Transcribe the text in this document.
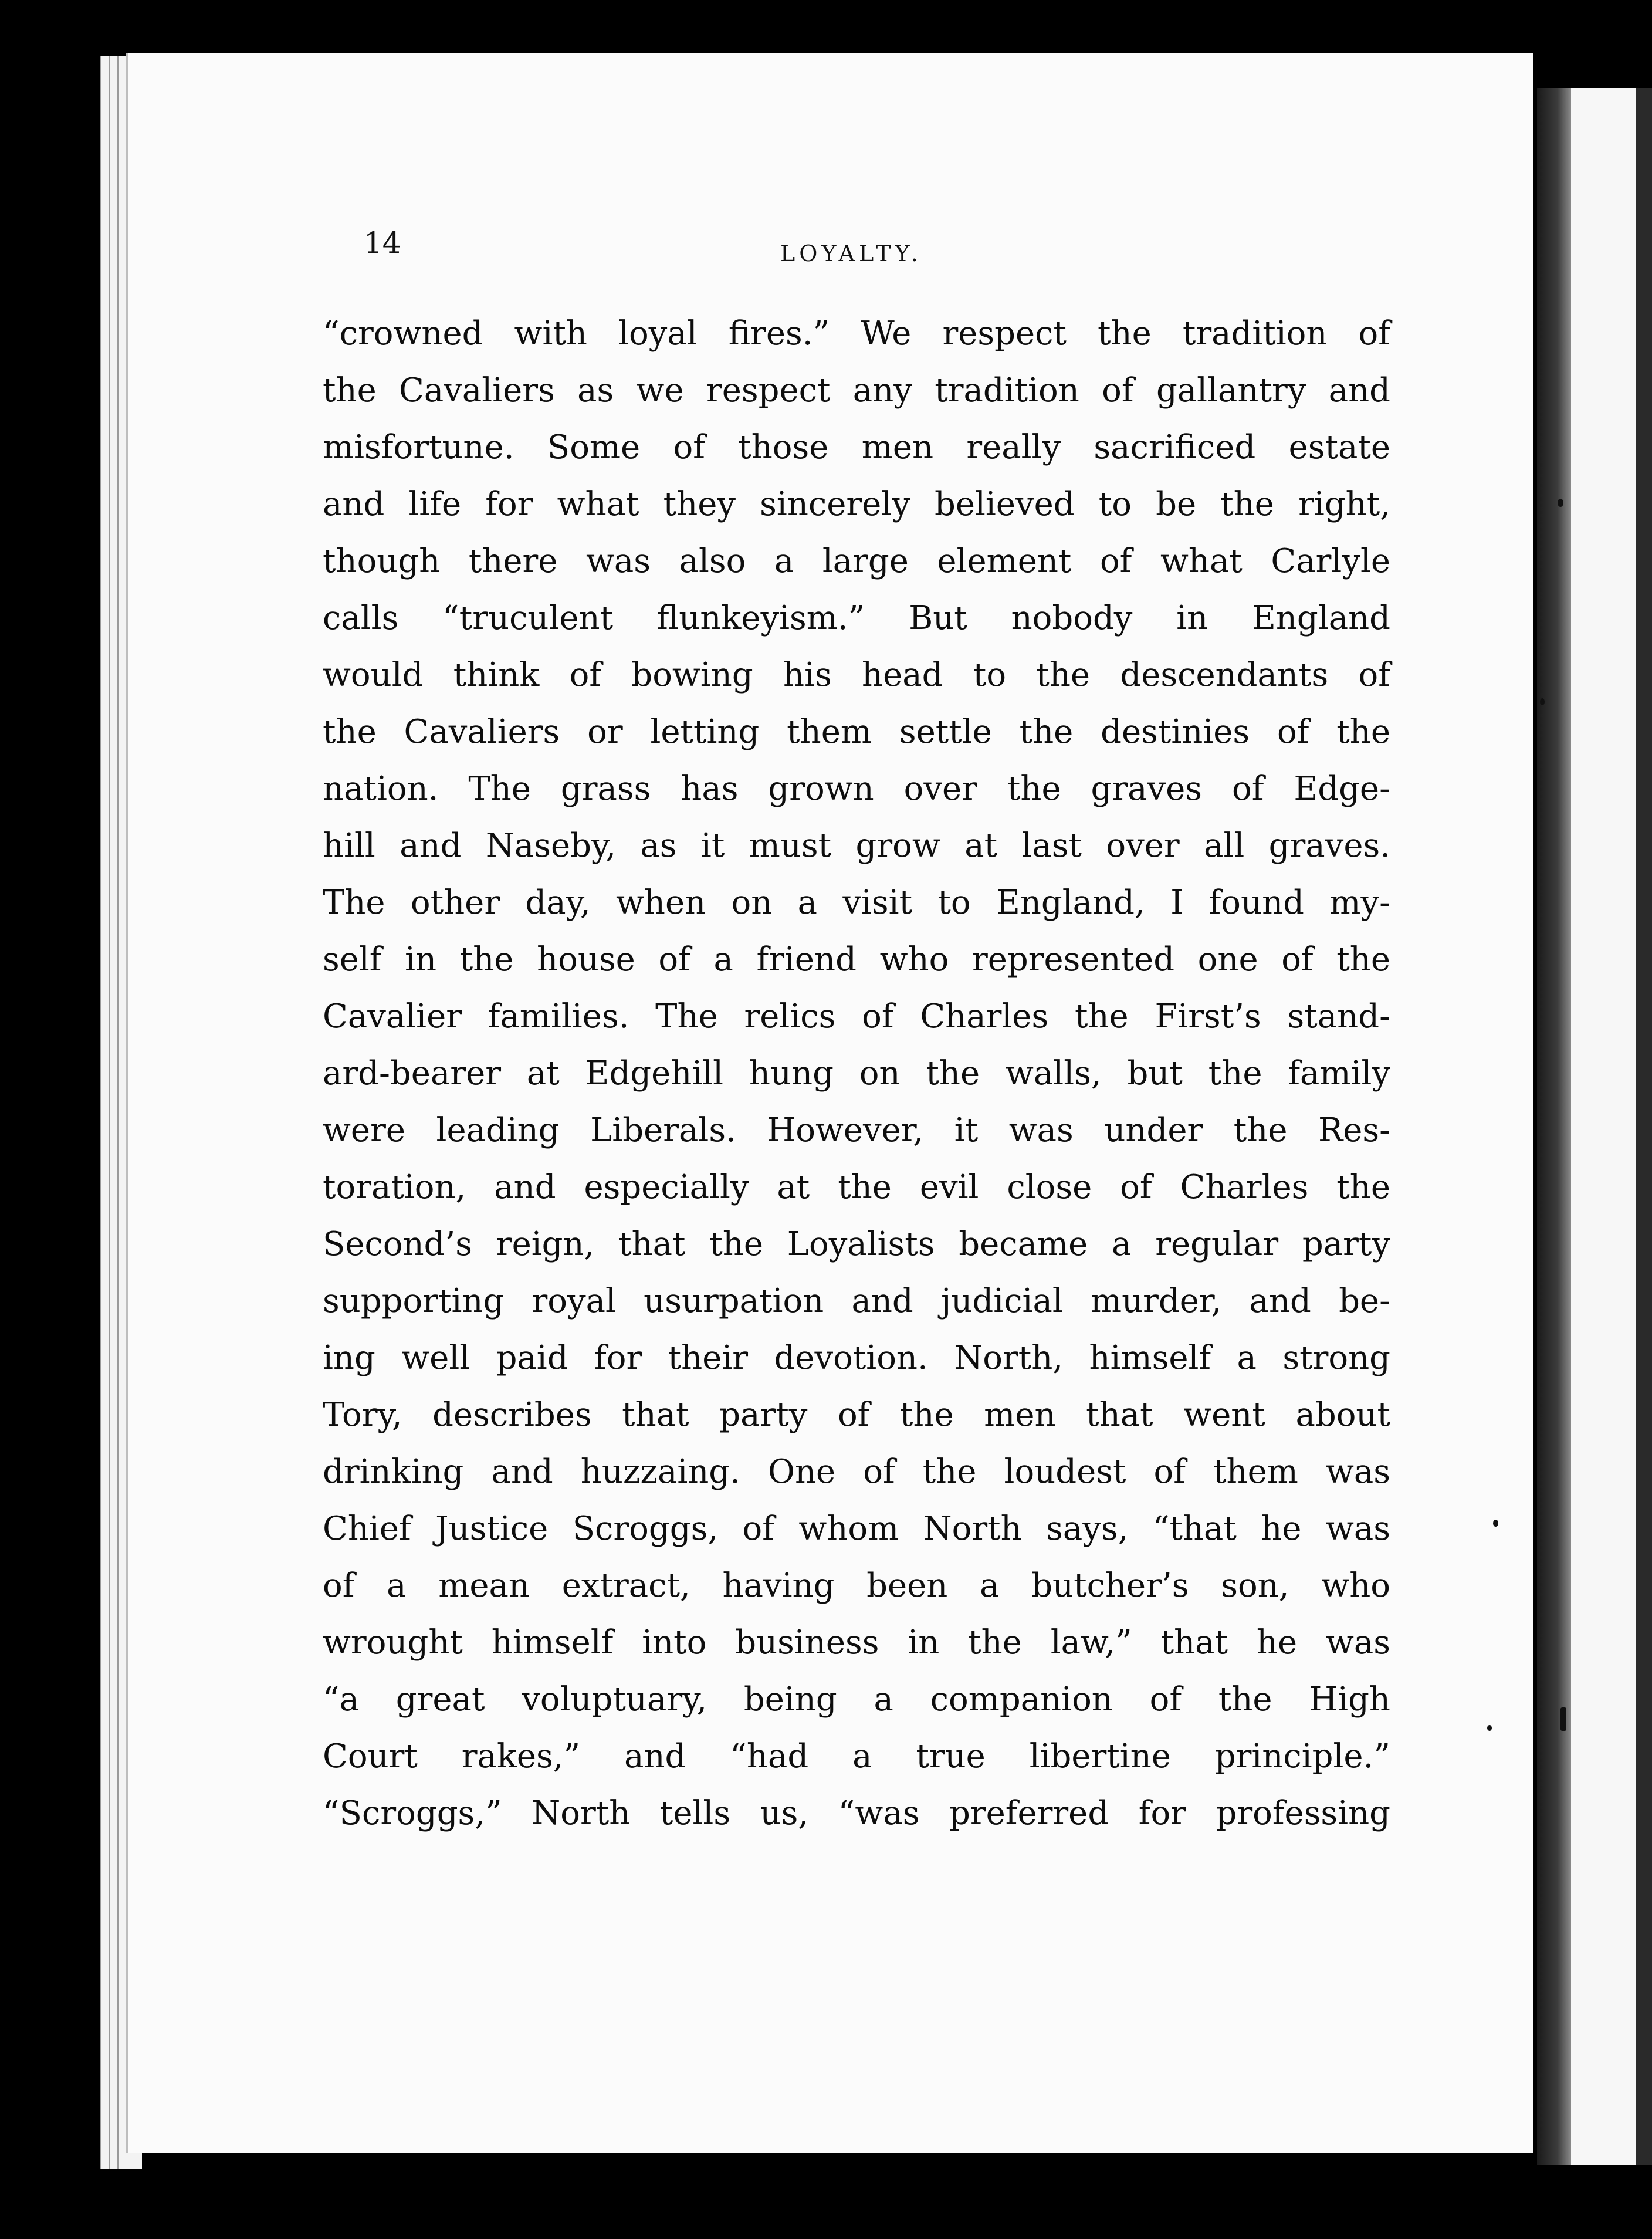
14	LOYALTY.
“crowned with loyal fires.” We respect the tradition of
the Cavaliers as we respect any tradition of gallantry and
misfortune. Some of those men really sacrificed estate
and life for what they sincerely believed to be the right,
though there was also a large element of what Carlyle
calls “truculent flunkeyism.” But nobody in England
would think of bowing his head to the descendants of
the Cavaliers or letting them settle the destinies of the
nation. The grass has grown over the graves of Edge-
hill and Naseby, as it must grow at last over all graves.
The other day, when on a visit to England, I found my-
self in the house of a friend who represented one of the
Cavalier families. The relics of Charles the First’s stand-
ard-bearer at Edgehill hung on the walls, but the family
were leading Liberals. However, it was under the Res-
toration, and especially at the evil close of Charles the
Second’s reign, that the Loyalists became a regular party
supporting royal usurpation and judicial murder, and be-
ing well paid for their devotion. North, himself a strong
Tory, describes that party of the men that went about
drinking and huzzaing. One of the loudest of them was
Chief Justice Scroggs, of whom North says, “that he was
of a mean extract, having been a butcher’s son, who
wrought himself into business in the law,” that he was
“a great voluptuary, being a companion of the High
Court rakes,” and “had a true libertine principle.”
“Scroggs,” North tells us, “was preferred for professing
